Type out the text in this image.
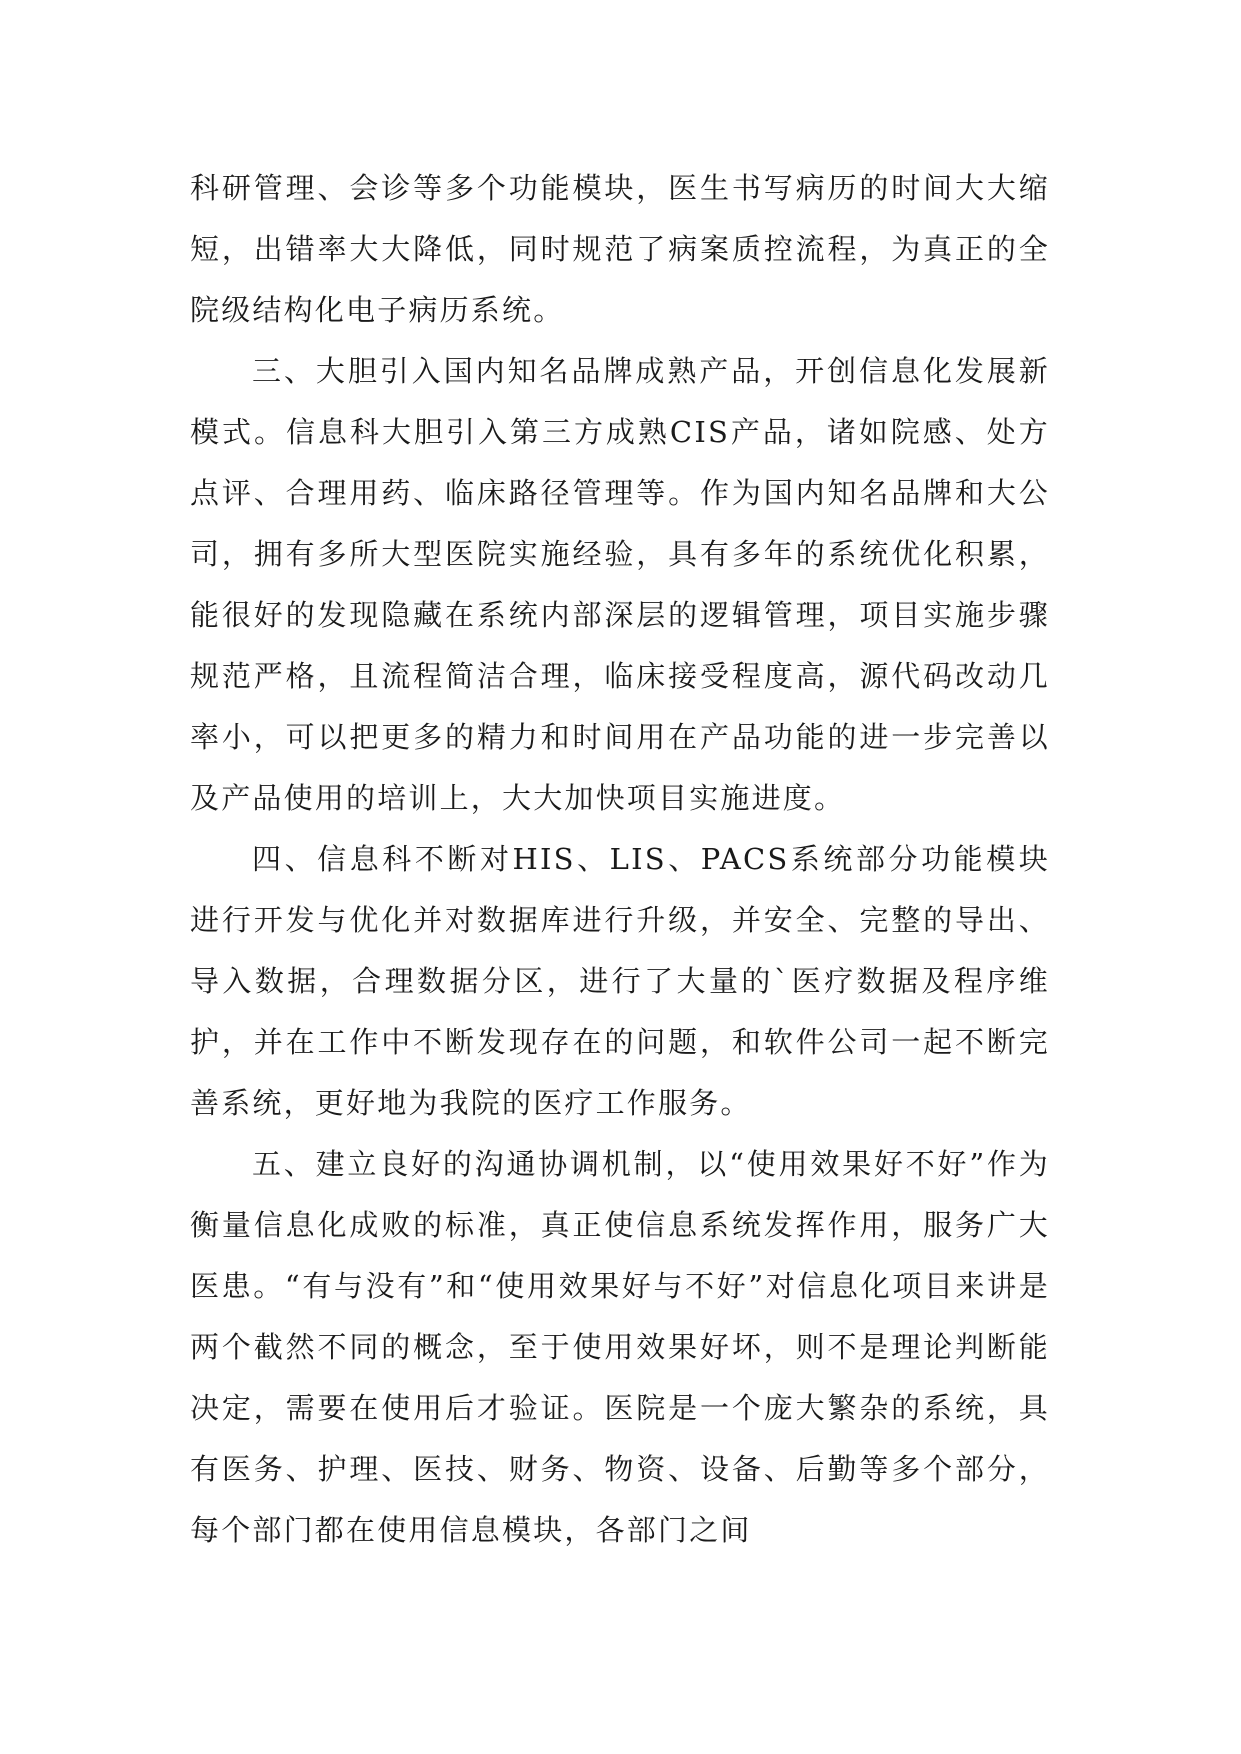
科研管理、会诊等多个功能模块，医生书写病历的时间大大缩短，出错率大大降低，同时规范了病案质控流程，为真正的全院级结构化电子病历系统。

三、大胆引入国内知名品牌成熟产品，开创信息化发展新模式。信息科大胆引入第三方成熟CIS产品，诸如院感、处方点评、合理用药、临床路径管理等。作为国内知名品牌和大公司，拥有多所大型医院实施经验，具有多年的系统优化积累，能很好的发现隐藏在系统内部深层的逻辑管理，项目实施步骤规范严格，且流程简洁合理，临床接受程度高，源代码改动几率小，可以把更多的精力和时间用在产品功能的进一步完善以及产品使用的培训上，大大加快项目实施进度。

四、信息科不断对HIS、LIS、PACS系统部分功能模块进行开发与优化并对数据库进行升级，并安全、完整的导出、导入数据，合理数据分区，进行了大量的`医疗数据及程序维护，并在工作中不断发现存在的问题，和软件公司一起不断完善系统，更好地为我院的医疗工作服务。

五、建立良好的沟通协调机制，以“使用效果好不好”作为衡量信息化成败的标准，真正使信息系统发挥作用，服务广大医患。“有与没有”和“使用效果好与不好”对信息化项目来讲是两个截然不同的概念，至于使用效果好坏，则不是理论判断能决定，需要在使用后才验证。医院是一个庞大繁杂的系统，具有医务、护理、医技、财务、物资、设备、后勤等多个部分，每个部门都在使用信息模块，各部门之间
